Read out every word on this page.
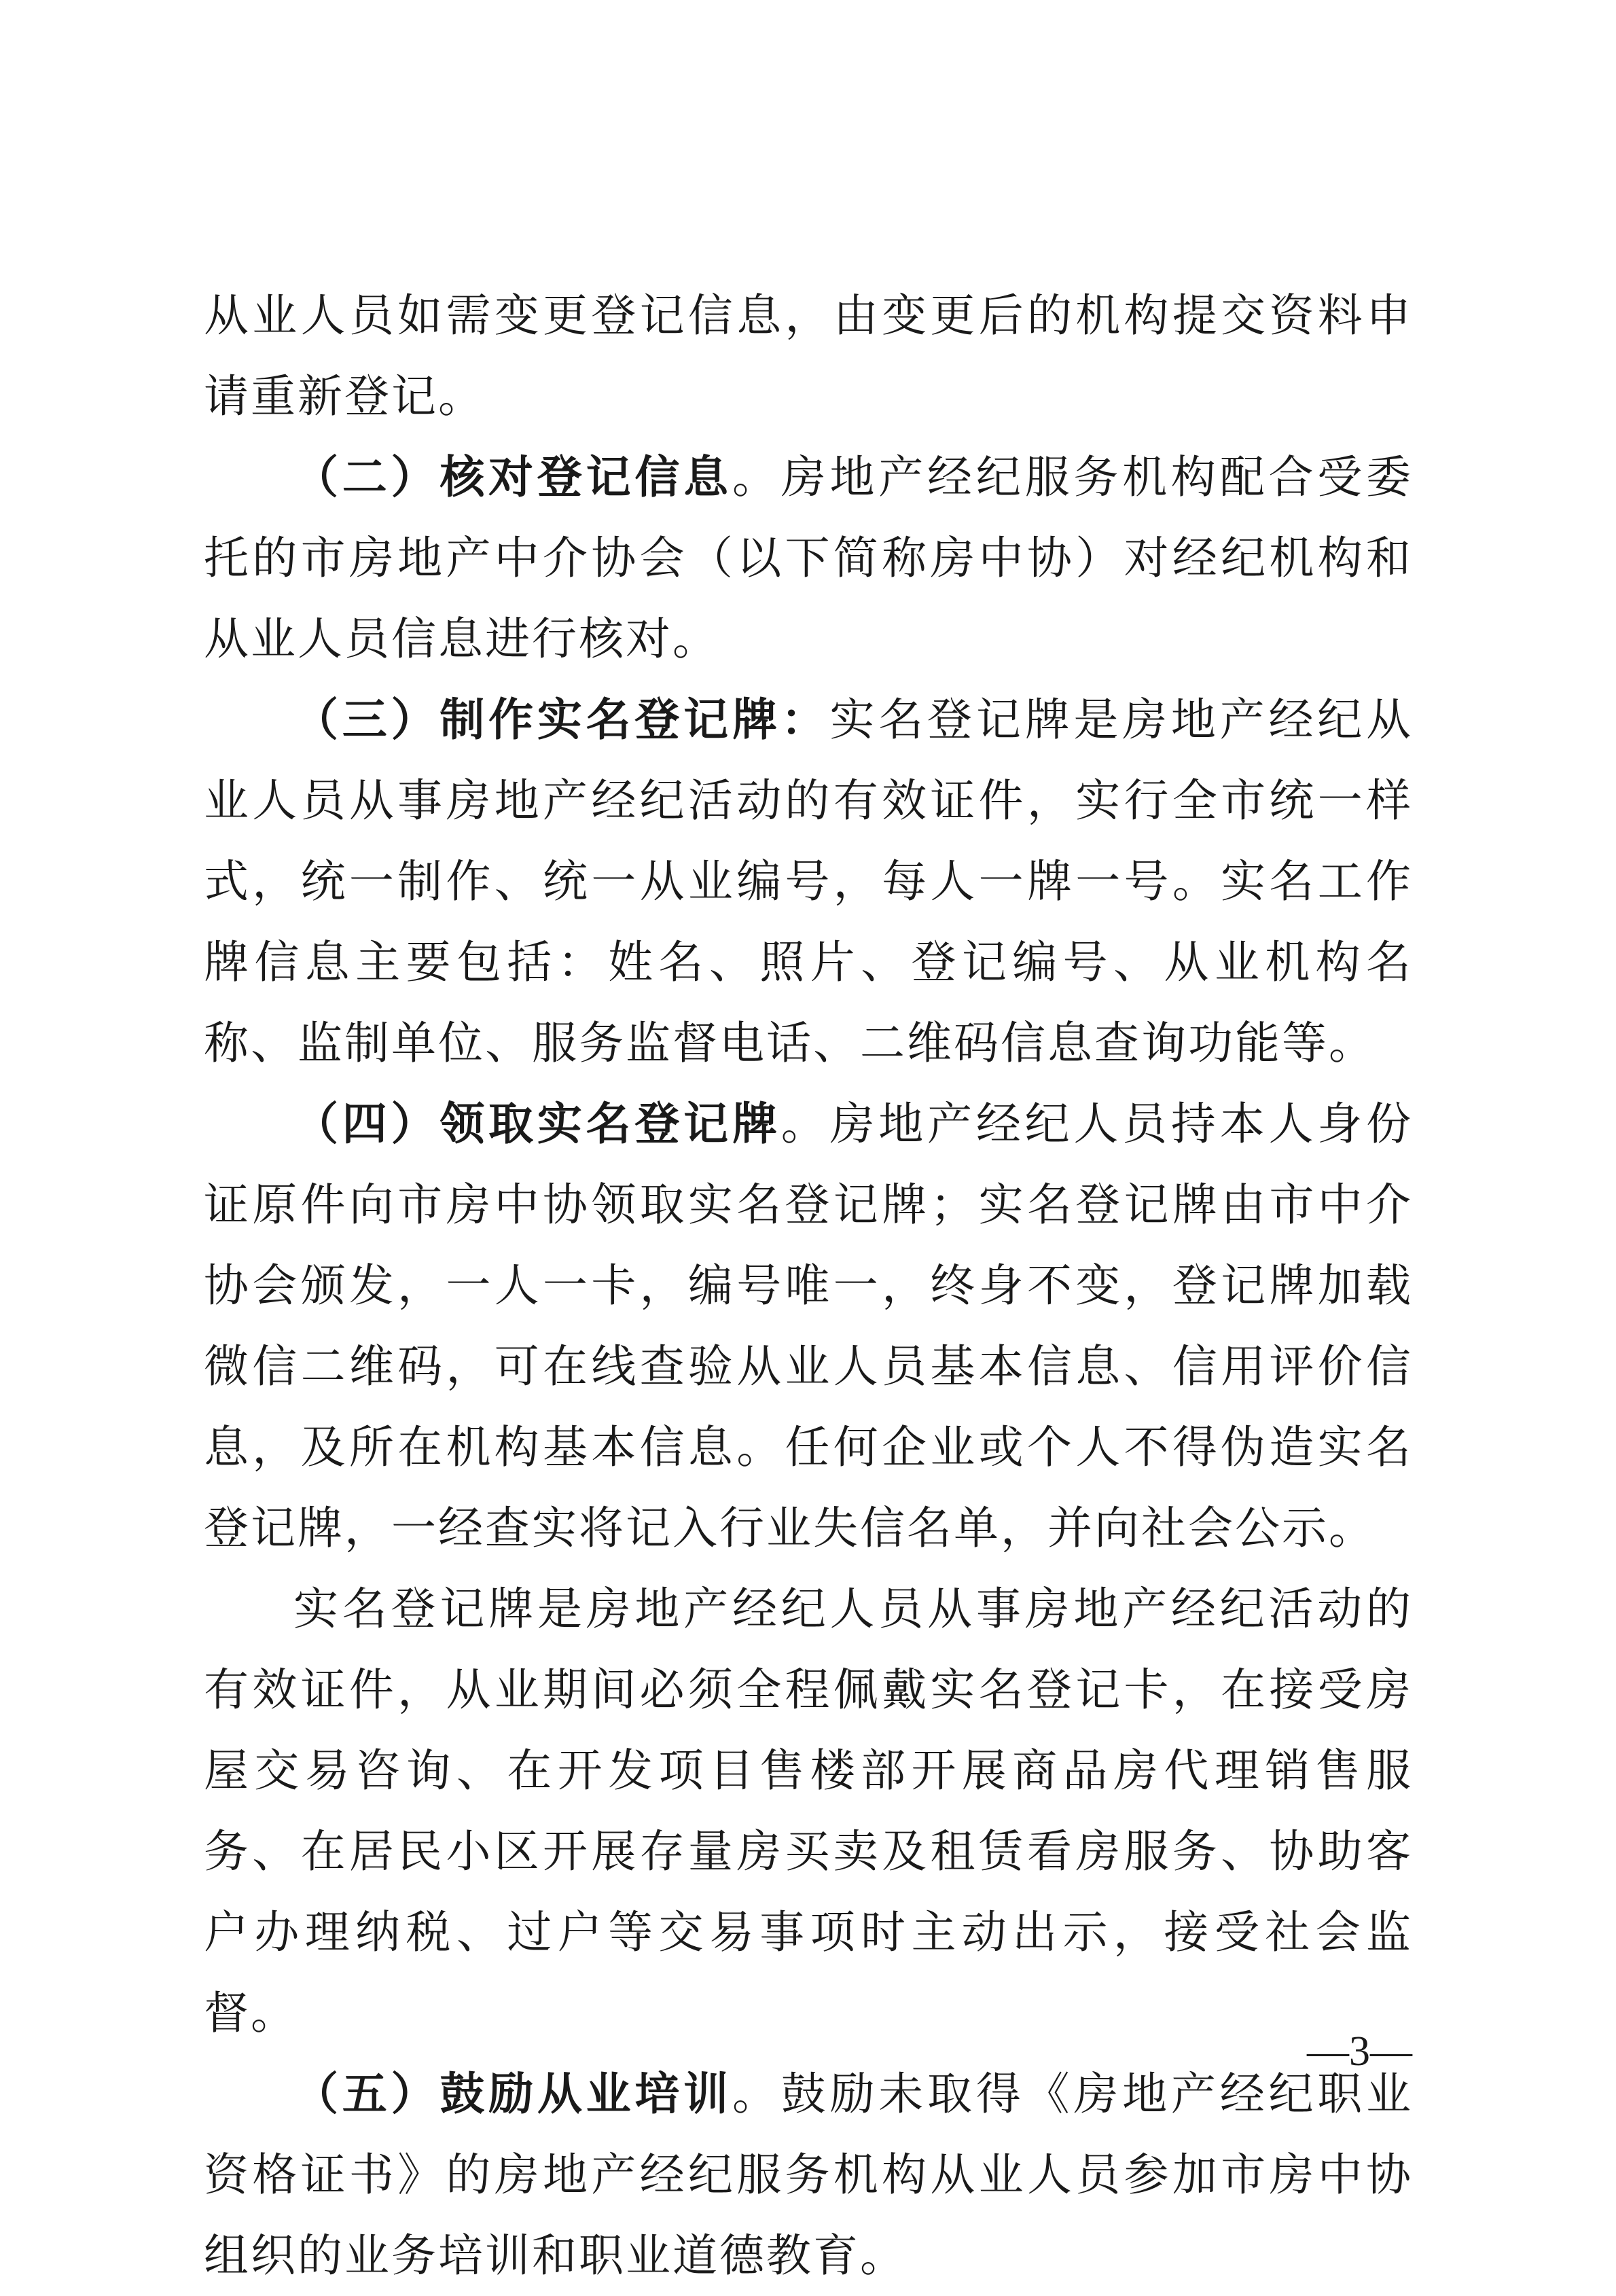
从业人员如需变更登记信息，由变更后的机构提交资料申请重新登记。

（二）核对登记信息。房地产经纪服务机构配合受委托的市房地产中介协会（以下简称房中协）对经纪机构和从业人员信息进行核对。

（三）制作实名登记牌：实名登记牌是房地产经纪从业人员从事房地产经纪活动的有效证件，实行全市统一样式，统一制作、统一从业编号，每人一牌一号。实名工作牌信息主要包括：姓名、照片、登记编号、从业机构名称、监制单位、服务监督电话、二维码信息查询功能等。

（四）领取实名登记牌。房地产经纪人员持本人身份证原件向市房中协领取实名登记牌；实名登记牌由市中介协会颁发，一人一卡，编号唯一，终身不变，登记牌加载微信二维码，可在线查验从业人员基本信息、信用评价信息，及所在机构基本信息。任何企业或个人不得伪造实名登记牌，一经查实将记入行业失信名单，并向社会公示。

实名登记牌是房地产经纪人员从事房地产经纪活动的有效证件，从业期间必须全程佩戴实名登记卡，在接受房屋交易咨询、在开发项目售楼部开展商品房代理销售服务、在居民小区开展存量房买卖及租赁看房服务、协助客户办理纳税、过户等交易事项时主动出示，接受社会监督。

（五）鼓励从业培训。鼓励未取得《房地产经纪职业资格证书》的房地产经纪服务机构从业人员参加市房中协组织的业务培训和职业道德教育。

—3—
